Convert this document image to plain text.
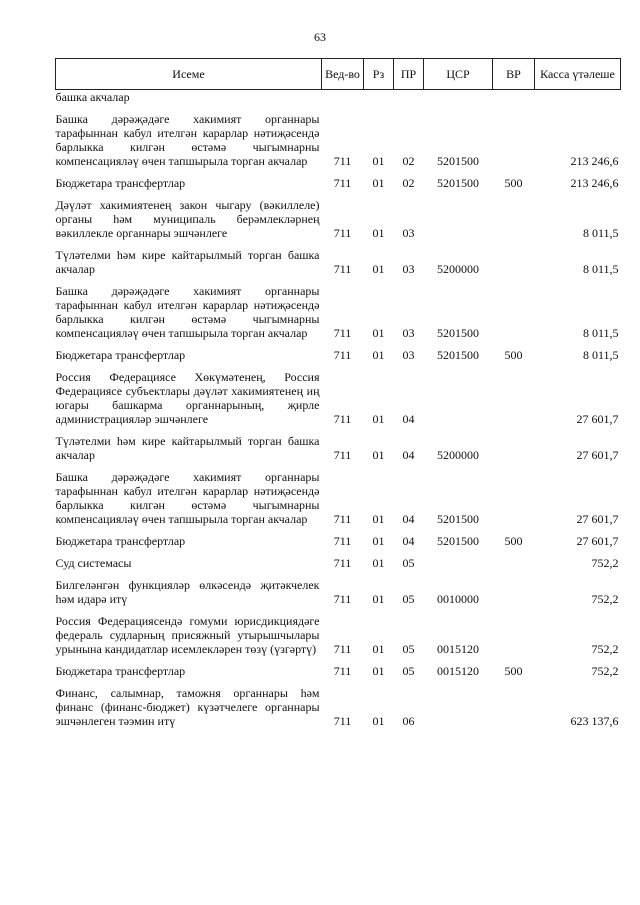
63
Исеме	Вед-во	Рз	ПР	ЦСР	ВР	Касса үтәлеше
башка акчалар						

Башка дәрәҗәдәге хакимият органнары тарафыннан кабул ителгән карарлар нәтиҗәсендә барлыкка килгән өстәмә чыгымнарны компенсацияләү өчен тапшырыла торган акчалар	711	01	02	5201500		213 246,6

Бюджетара трансфертлар	711	01	02	5201500	500	213 246,6

Дәүләт хакимиятенең закон чыгару (вәкиллеле) органы һәм муниципаль берәмлекләрнең вәкиллекле органнары эшчәнлеге	711	01	03			8 011,5

Түләтелми һәм кире кайтарылмый торган башка акчалар	711	01	03	5200000		8 011,5

Башка дәрәҗәдәге хакимият органнары тарафыннан кабул ителгән карарлар нәтиҗәсендә барлыкка килгән өстәмә чыгымнарны компенсацияләү өчен тапшырыла торган акчалар	711	01	03	5201500		8 011,5

Бюджетара трансфертлар	711	01	03	5201500	500	8 011,5

Россия Федерациясе Хөкүмәтенең, Россия Федерациясе субъектлары дәүләт хакимиятенең иң югары башкарма органнарының, җирле администрацияләр эшчәнлеге	711	01	04			27 601,7

Түләтелми һәм кире кайтарылмый торган башка акчалар	711	01	04	5200000		27 601,7

Башка дәрәҗәдәге хакимият органнары тарафыннан кабул ителгән карарлар нәтиҗәсендә барлыкка килгән өстәмә чыгымнарны компенсацияләү өчен тапшырыла торган акчалар	711	01	04	5201500		27 601,7

Бюджетара трансфертлар	711	01	04	5201500	500	27 601,7

Суд системасы	711	01	05			752,2

Билгеләнгән функцияләр өлкәсендә җитәкчелек һәм идарә итү	711	01	05	0010000		752,2

Россия Федерациясендә гомуми юрисдикциядәге федераль судларның присяжный утырышчылары урынына кандидатлар исемлекләрен төзү (үзгәртү)	711	01	05	0015120		752,2

Бюджетара трансфертлар	711	01	05	0015120	500	752,2

Финанс, салымнар, таможня органнары һәм финанс (финанс-бюджет) күзәтчелеге органнары эшчәнлеген тәэмин итү	711	01	06			623 137,6
